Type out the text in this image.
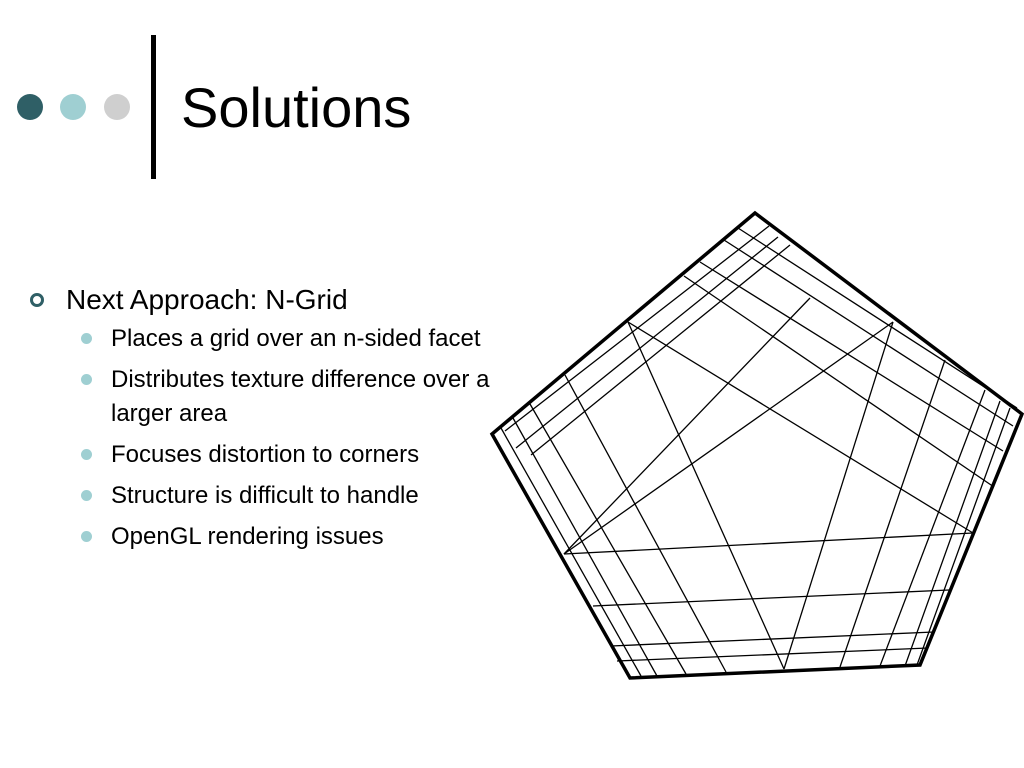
Solutions
Next Approach: N-Grid
Places a grid over an n-sided facet
Distributes texture difference over a larger area
Focuses distortion to corners
Structure is difficult to handle
OpenGL rendering issues
